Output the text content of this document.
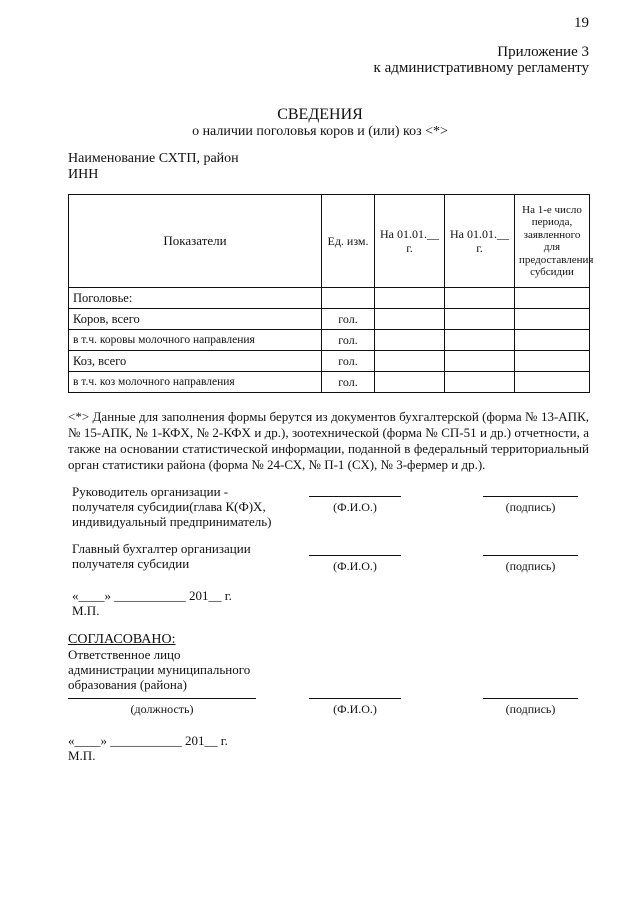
19
Приложение 3
к административному регламенту
СВЕДЕНИЯ
о наличии поголовья коров и (или) коз <*>
Наименование СХТП, район
ИНН
Показатели	Ед. изм.	На 01.01.__ г.	На 01.01.__ г.	На 1-е число периода, заявленного для предоставления субсидии
Поголовье:				
Коров, всего	гол.			
в т.ч. коровы молочного направления	гол.			
Коз, всего	гол.			
в т.ч. коз молочного направления	гол.			
<*> Данные для заполнения формы берутся из документов бухгалтерской (форма № 13-АПК, № 15-АПК, № 1-КФХ, № 2-КФХ и др.), зоотехнической (форма № СП-51 и др.) отчетности, а также на основании статистической информации, поданной в федеральный территориальный орган статистики района (форма № 24-СХ, № П-1 (СХ), № 3-фермер и др.).
Руководитель организации -
получателя субсидии(глава К(Ф)Х,
индивидуальный предприниматель)
(Ф.И.О.)	(подпись)
Главный бухгалтер организации
получателя субсидии	(Ф.И.О.)	(подпись)
«____» ___________ 201__ г.
М.П.
СОГЛАСОВАНО:
Ответственное лицо
администрации муниципального
образования (района)
(должность)	(Ф.И.О.)	(подпись)
«____» ___________ 201__ г.
М.П.
